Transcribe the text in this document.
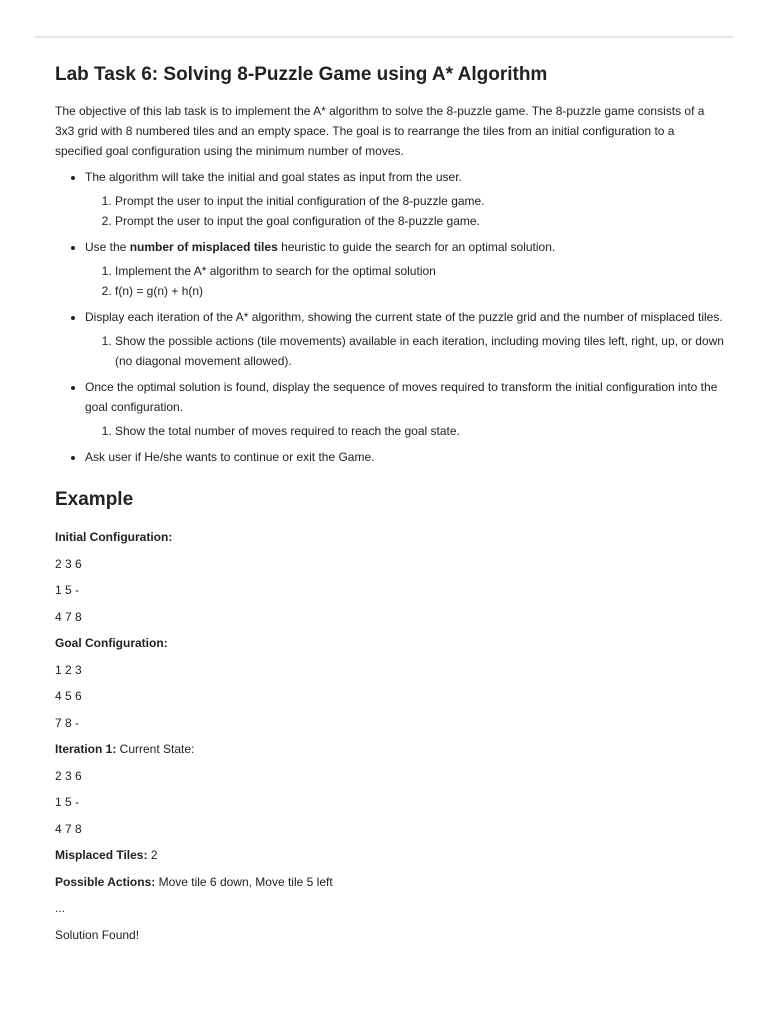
Lab Task 6: Solving 8-Puzzle Game using A* Algorithm

The objective of this lab task is to implement the A* algorithm to solve the 8-puzzle game. The 8-puzzle game consists of a 3x3 grid with 8 numbered tiles and an empty space. The goal is to rearrange the tiles from an initial configuration to a specified goal configuration using the minimum number of moves.

• The algorithm will take the initial and goal states as input from the user.
1. Prompt the user to input the initial configuration of the 8-puzzle game.
2. Prompt the user to input the goal configuration of the 8-puzzle game.
• Use the number of misplaced tiles heuristic to guide the search for an optimal solution.
1. Implement the A* algorithm to search for the optimal solution
2. f(n) = g(n) + h(n)
• Display each iteration of the A* algorithm, showing the current state of the puzzle grid and the number of misplaced tiles.
1. Show the possible actions (tile movements) available in each iteration, including moving tiles left, right, up, or down (no diagonal movement allowed).
• Once the optimal solution is found, display the sequence of moves required to transform the initial configuration into the goal configuration.
1. Show the total number of moves required to reach the goal state.
• Ask user if He/she wants to continue or exit the Game.
Example

Initial Configuration:

2 3 6

1 5 -

4 7 8

Goal Configuration:

1 2 3

4 5 6

7 8 -

Iteration 1: Current State:

2 3 6

1 5 -

4 7 8

Misplaced Tiles: 2

Possible Actions: Move tile 6 down, Move tile 5 left

...

Solution Found!
